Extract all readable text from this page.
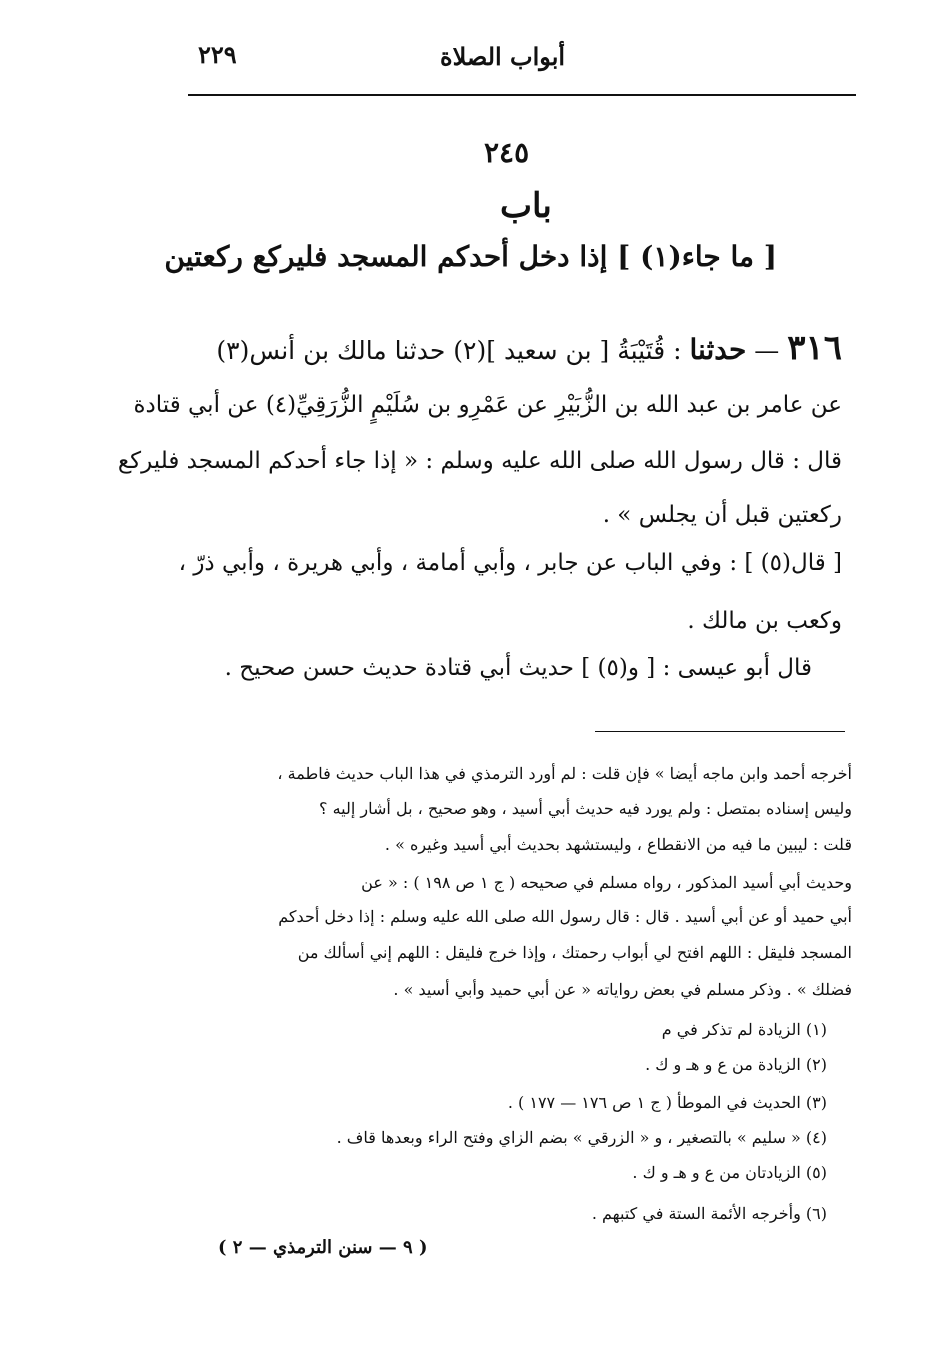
٢٢٩	أبواب الصلاة
٢٤٥
باب
[ ما جاء(١) ] إذا دخل أحدكم المسجد فليركع ركعتين
٣١٦ — حدثنا : قُتَيْبَةُ [ بن سعيد ](٢) حدثنا مالك بن أنس(٣)
عن عامر بن عبد الله بن الزُّبَيْرِ عن عَمْرِو بن سُلَيْمٍ الزُّرَقِيِّ(٤) عن أبي قتادة
قال : قال رسول الله صلى الله عليه وسلم : « إذا جاء أحدكم المسجد فليركع
ركعتين قبل أن يجلس » .
[ قال(٥) ] : وفي الباب عن جابر ، وأبي أمامة ، وأبي هريرة ، وأبي ذرّ ،
وكعب بن مالك .
قال أبو عيسى : [ و(٥) ] حديث أبي قتادة حديث حسن صحيح .
أخرجه أحمد وابن ماجه أيضا » فإن قلت : لم أورد الترمذي في هذا الباب حديث فاطمة ،
وليس إسناده بمتصل : ولم يورد فيه حديث أبي أسيد ، وهو صحيح ، بل أشار إليه ؟
قلت : ليبين ما فيه من الانقطاع ، وليستشهد بحديث أبي أسيد وغيره » .
وحديث أبي أسيد المذكور ، رواه مسلم في صحيحه ( ج ١ ص ١٩٨ ) : « عن
أبي حميد أو عن أبي أسيد . قال : قال رسول الله صلى الله عليه وسلم : إذا دخل أحدكم
المسجد فليقل : اللهم افتح لي أبواب رحمتك ، وإذا خرج فليقل : اللهم إني أسألك من
فضلك » . وذكر مسلم في بعض رواياته « عن أبي حميد وأبي أسيد » .
(١) الزيادة لم تذكر في م
(٢) الزيادة من ع و هـ و ك .
(٣) الحديث في الموطأ ( ج ١ ص ١٧٦ — ١٧٧ ) .
(٤) « سليم » بالتصغير ، و « الزرقي » بضم الزاي وفتح الراء وبعدها قاف .
(٥) الزيادتان من ع و هـ و ك .
(٦) وأخرجه الأئمة الستة في كتبهم .
( ٩ — سنن الترمذي — ٢ )
